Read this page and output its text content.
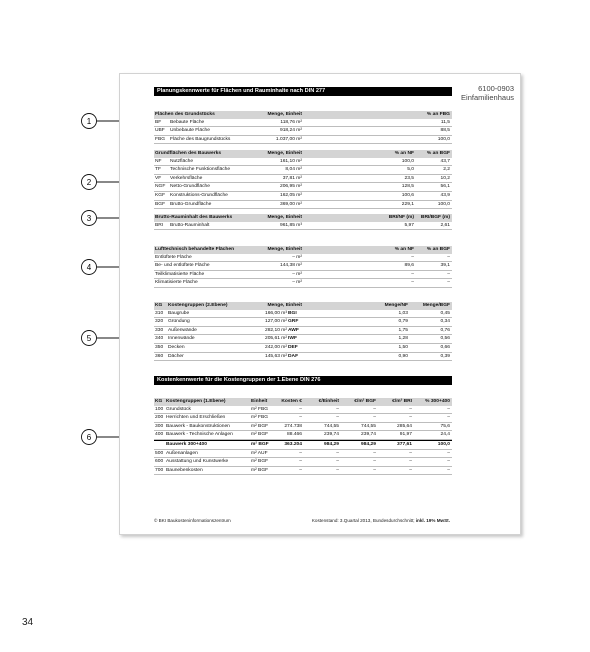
1
2
3
4
5
6
6100-0903
Einfamilienhaus
Planungskennwerte für Flächen und Rauminhalte nach DIN 277
Flächen des Grundstücks	Menge, Einheit	% an FBG
BF	Bebaute Fläche	118,76 m²	11,5
UBF	Unbebaute Fläche	918,24 m²	88,5
FBG	Fläche des Baugrundstücks	1.037,00 m²	100,0
Grundflächen des Bauwerks	Menge, Einheit	% an NF	% an BGF
NF	Nutzfläche	161,10 m²	100,0	43,7
TF	Technische Funktionsfläche	8,04 m²	5,0	2,2
VF	Verkehrsfläche	37,81 m²	23,5	10,2
NGF Netto-Grundfläche	206,95 m²	128,5	56,1
KGF	Konstruktions-Grundfläche	162,05 m²	100,6	43,9
BGF	Brutto-Grundfläche	369,00 m²	229,1	100,0
Brutto-Rauminhalt des Bauwerks	Menge, Einheit	BRI/NF (m)	BRI/BGF (m)
BRI	Brutto-Rauminhalt	961,85 m³	5,97	2,61
Lufttechnisch behandelte Flächen	Menge, Einheit	% an NF	% an BGF
Entlüftete Fläche	– m²	–	–
Be- und entlüftete Fläche	144,38 m²	89,6	39,1
Teilklimatisierte Fläche	– m²	–	–
Klimatisierte Fläche	– m²	–	–
KG	Kostengruppen (2.Ebene)	Menge, Einheit	Menge/NF	Menge/BGF
310 Baugrube	166,00 m³ BGI	1,03	0,45
320 Gründung	127,00 m² GRF	0,79	0,34
330 Außenwände	282,10 m² AWF	1,75	0,76
340 Innenwände	205,61 m² IWF	1,28	0,56
350 Decken	242,00 m² DEF	1,50	0,66
360 Dächer	145,63 m² DAF	0,90	0,39
Kostenkennwerte für die Kostengruppen der 1.Ebene DIN 276
KG Kostengruppen (1.Ebene)	Einheit	Kosten €	€/Einheit	€/m² BGF	€/m³ BRI	% 300+400
100 Grundstück	m² FBG	–	–	–	–	–
200 Herrichten und Erschließen	m² FBG	–	–	–	–	–
300 Bauwerk - Baukonstruktionen	m² BGF	274.738	744,55	744,55	285,64	75,6
400 Bauwerk - Technische Anlagen	m² BGF	88.466	239,74	239,74	91,97	24,4
Bauwerk 300+400	m² BGF	363.204	984,29	984,29	377,61	100,0
500 Außenanlagen	m² AUF	–	–	–	–	–
600 Ausstattung und Kunstwerke	m² BGF	–	–	–	–	–
700 Baunebenkosten	m² BGF	–	–	–	–	–
© BKI Baukosteninformationszentrum	Kostenstand: 3.Quartal 2013, Bundesdurchschnitt; inkl. 19% MwSt.
34
